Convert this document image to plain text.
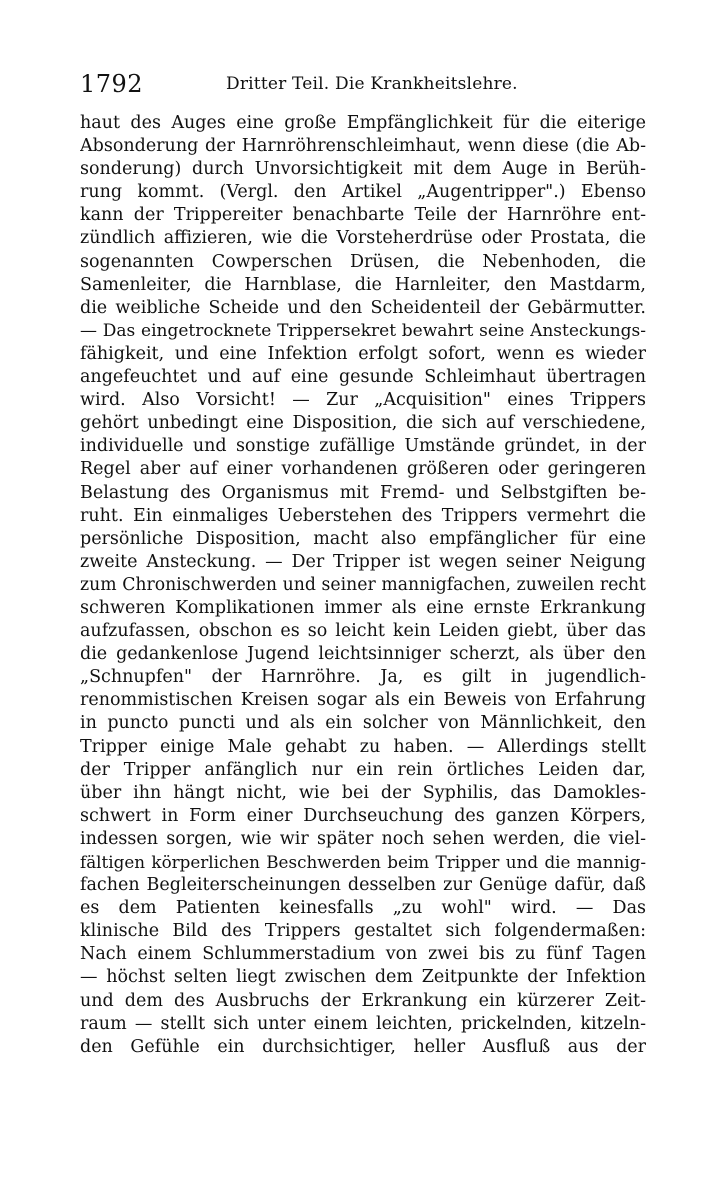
1792	Dritter Teil. Die Krankheitslehre.
haut des Auges eine große Empfänglichkeit für die eiterige
Absonderung der Harnröhrenschleimhaut, wenn diese (die Ab-
sonderung) durch Unvorsichtigkeit mit dem Auge in Berüh-
rung kommt. (Vergl. den Artikel „Augentripper".) Ebenso
kann der Trippereiter benachbarte Teile der Harnröhre ent-
zündlich affizieren, wie die Vorsteherdrüse oder Prostata, die
sogenannten Cowperschen Drüsen, die Nebenhoden, die
Samenleiter, die Harnblase, die Harnleiter, den Mastdarm,
die weibliche Scheide und den Scheidenteil der Gebärmutter.
— Das eingetrocknete Trippersekret bewahrt seine Ansteckungs-
fähigkeit, und eine Infektion erfolgt sofort, wenn es wieder
angefeuchtet und auf eine gesunde Schleimhaut übertragen
wird. Also Vorsicht! — Zur „Acquisition" eines Trippers
gehört unbedingt eine Disposition, die sich auf verschiedene,
individuelle und sonstige zufällige Umstände gründet, in der
Regel aber auf einer vorhandenen größeren oder geringeren
Belastung des Organismus mit Fremd- und Selbstgiften be-
ruht. Ein einmaliges Ueberstehen des Trippers vermehrt die
persönliche Disposition, macht also empfänglicher für eine
zweite Ansteckung. — Der Tripper ist wegen seiner Neigung
zum Chronischwerden und seiner mannigfachen, zuweilen recht
schweren Komplikationen immer als eine ernste Erkrankung
aufzufassen, obschon es so leicht kein Leiden giebt, über das
die gedankenlose Jugend leichtsinniger scherzt, als über den
„Schnupfen" der Harnröhre. Ja, es gilt in jugendlich-
renommistischen Kreisen sogar als ein Beweis von Erfahrung
in puncto puncti und als ein solcher von Männlichkeit, den
Tripper einige Male gehabt zu haben. — Allerdings stellt
der Tripper anfänglich nur ein rein örtliches Leiden dar,
über ihn hängt nicht, wie bei der Syphilis, das Damokles-
schwert in Form einer Durchseuchung des ganzen Körpers,
indessen sorgen, wie wir später noch sehen werden, die viel-
fältigen körperlichen Beschwerden beim Tripper und die mannig-
fachen Begleiterscheinungen desselben zur Genüge dafür, daß
es dem Patienten keinesfalls „zu wohl" wird. — Das
klinische Bild des Trippers gestaltet sich folgendermaßen:
Nach einem Schlummerstadium von zwei bis zu fünf Tagen
— höchst selten liegt zwischen dem Zeitpunkte der Infektion
und dem des Ausbruchs der Erkrankung ein kürzerer Zeit-
raum — stellt sich unter einem leichten, prickelnden, kitzeln-
den Gefühle ein durchsichtiger, heller Ausfluß aus der
